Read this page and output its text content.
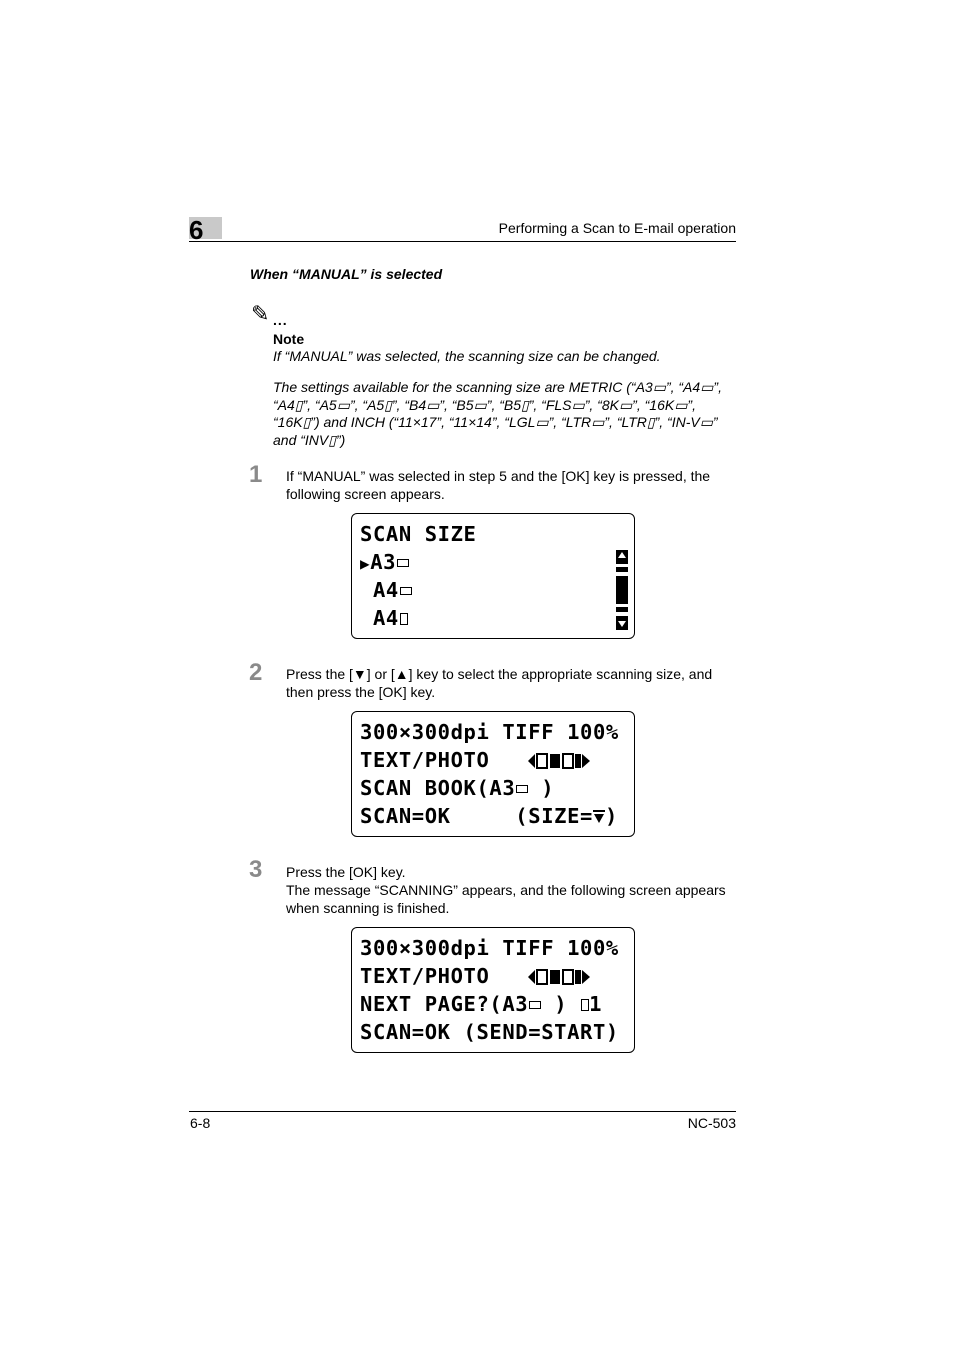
6	Performing a Scan to E-mail operation
When “MANUAL” is selected
✎ ...
Note
If “MANUAL” was selected, the scanning size can be changed.
The settings available for the scanning size are METRIC (“A3▭”, “A4▭”, “A4▯”, “A5▭”, “A5▯”, “B4▭”, “B5▭”, “B5▯”, “FLS▭”, “8K▭”, “16K▭”, “16K▯”) and INCH (“11×17”, “11×14”, “LGL▭”, “LTR▭”, “LTR▯”, “IN-V▭” and “INV▯”)
1 If “MANUAL” was selected in step 5 and the [OK] key is pressed, the following screen appears.
SCAN SIZE
▶A3
A4
A4
2 Press the [▼] or [▲] key to select the appropriate scanning size, and then press the [OK] key.
300×300dpi TIFF 100%
TEXT/PHOTO
SCAN BOOK(A3 )
SCAN=OK     (SIZE= )
3 Press the [OK] key.
The message “SCANNING” appears, and the following screen appears when scanning is finished.
300×300dpi TIFF 100%
TEXT/PHOTO
NEXT PAGE?(A3 ) 1
SCAN=OK (SEND=START)
6-8	NC-503
